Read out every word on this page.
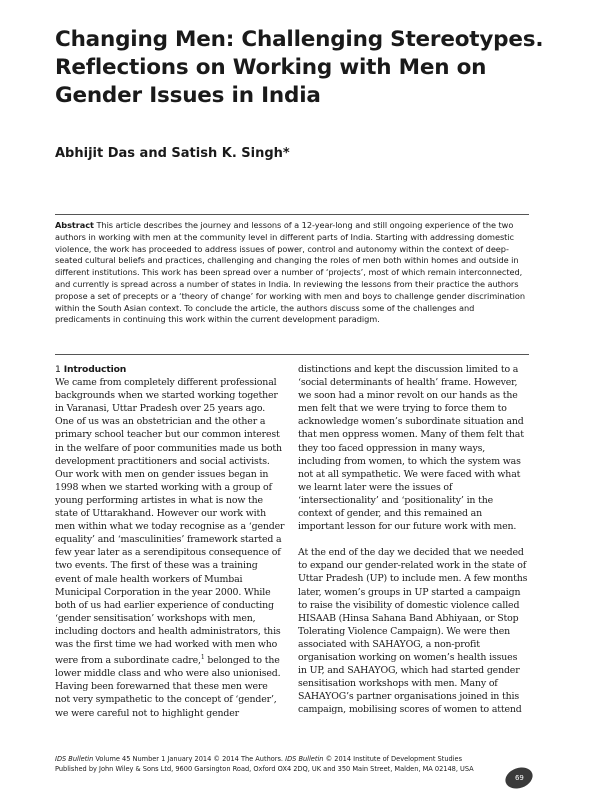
Changing Men: Challenging Stereotypes. Reflections on Working with Men on Gender Issues in India

Abhijit Das and Satish K. Singh*

Abstract This article describes the journey and lessons of a 12-year-long and still ongoing experience of the two authors in working with men at the community level in different parts of India. Starting with addressing domestic violence, the work has proceeded to address issues of power, control and autonomy within the context of deep-seated cultural beliefs and practices, challenging and changing the roles of men both within homes and outside in different institutions. This work has been spread over a number of ‘projects’, most of which remain interconnected, and currently is spread across a number of states in India. In reviewing the lessons from their practice the authors propose a set of precepts or a ‘theory of change’ for working with men and boys to challenge gender discrimination within the South Asian context. To conclude the article, the authors discuss some of the challenges and predicaments in continuing this work within the current development paradigm.

1 Introduction

We came from completely different professional backgrounds when we started working together in Varanasi, Uttar Pradesh over 25 years ago. One of us was an obstetrician and the other a primary school teacher but our common interest in the welfare of poor communities made us both development practitioners and social activists. Our work with men on gender issues began in 1998 when we started working with a group of young performing artistes in what is now the state of Uttarakhand. However our work with men within what we today recognise as a ‘gender equality’ and ‘masculinities’ framework started a few year later as a serendipitous consequence of two events. The first of these was a training event of male health workers of Mumbai Municipal Corporation in the year 2000. While both of us had earlier experience of conducting ‘gender sensitisation’ workshops with men, including doctors and health administrators, this was the first time we had worked with men who were from a subordinate cadre,$^1$ belonged to the lower middle class and who were also unionised. Having been forewarned that these men were not very sympathetic to the concept of ‘gender’, we were careful not to highlight gender

distinctions and kept the discussion limited to a ‘social determinants of health’ frame. However, we soon had a minor revolt on our hands as the men felt that we were trying to force them to acknowledge women’s subordinate situation and that men oppress women. Many of them felt that they too faced oppression in many ways, including from women, to which the system was not at all sympathetic. We were faced with what we learnt later were the issues of ‘intersectionality’ and ‘positionality’ in the context of gender, and this remained an important lesson for our future work with men.

At the end of the day we decided that we needed to expand our gender-related work in the state of Uttar Pradesh (UP) to include men. A few months later, women’s groups in UP started a campaign to raise the visibility of domestic violence called HISAAB (Hinsa Sahana Band Abhiyaan, or Stop Tolerating Violence Campaign). We were then associated with SAHAYOG, a non-profit organisation working on women’s health issues in UP, and SAHAYOG, which had started gender sensitisation workshops with men. Many of SAHAYOG’s partner organisations joined in this campaign, mobilising scores of women to attend

IDS Bulletin Volume 45 Number 1 January 2014 © 2014 The Authors. IDS Bulletin © 2014 Institute of Development Studies
Published by John Wiley & Sons Ltd, 9600 Garsington Road, Oxford OX4 2DQ, UK and 350 Main Street, Malden, MA 02148, USA
69
